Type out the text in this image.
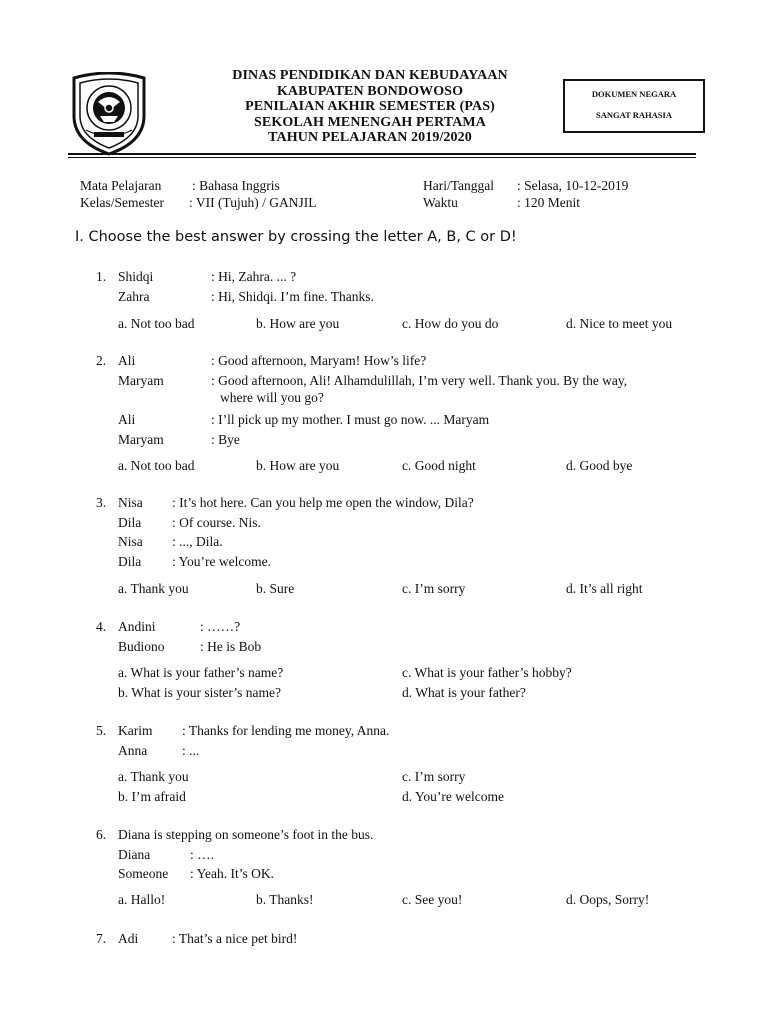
DINAS PENDIDIKAN DAN KEBUDAYAAN
KABUPATEN BONDOWOSO
PENILAIAN AKHIR SEMESTER (PAS)
SEKOLAH MENENGAH PERTAMA
TAHUN PELAJARAN 2019/2020
DOKUMEN NEGARA
SANGAT RAHASIA
Mata Pelajaran : Bahasa Inggris
Kelas/Semester : VII (Tujuh) / GANJIL
Hari/Tanggal : Selasa, 10-12-2019
Waktu	: 120 Menit
I. Choose the best answer by crossing the letter A, B, C or D!
1. Shidqi	: Hi, Zahra. ... ?
Zahra	: Hi, Shidqi. I’m fine. Thanks.
a. Not too bad	b. How are you	c. How do you do	d. Nice to meet you
2. Ali	: Good afternoon, Maryam! How’s life?
Maryam	: Good afternoon, Ali! Alhamdulillah, I’m very well. Thank you. By the way,
where will you go?
Ali	: I’ll pick up my mother. I must go now. ... Maryam
Maryam	: Bye
a. Not too bad	b. How are you	c. Good night	d. Good bye
3. Nisa : It’s hot here. Can you help me open the window, Dila?
Dila : Of course. Nis.
Nisa : ..., Dila.
Dila : You’re welcome.
a. Thank you	b. Sure	c. I’m sorry	d. It’s all right
4. Andini	: ……?
Budiono	: He is Bob
a. What is your father’s name?	c. What is your father’s hobby?
b. What is your sister’s name?	d. What is your father?
5. Karim : Thanks for lending me money, Anna.
Anna	: ...
a. Thank you	c. I’m sorry
b. I’m afraid	d. You’re welcome
6. Diana is stepping on someone’s foot in the bus.
Diana	: ….
Someone : Yeah. It’s OK.
a. Hallo!	b. Thanks!	c. See you!	d. Oops, Sorry!
7. Adi	: That’s a nice pet bird!
